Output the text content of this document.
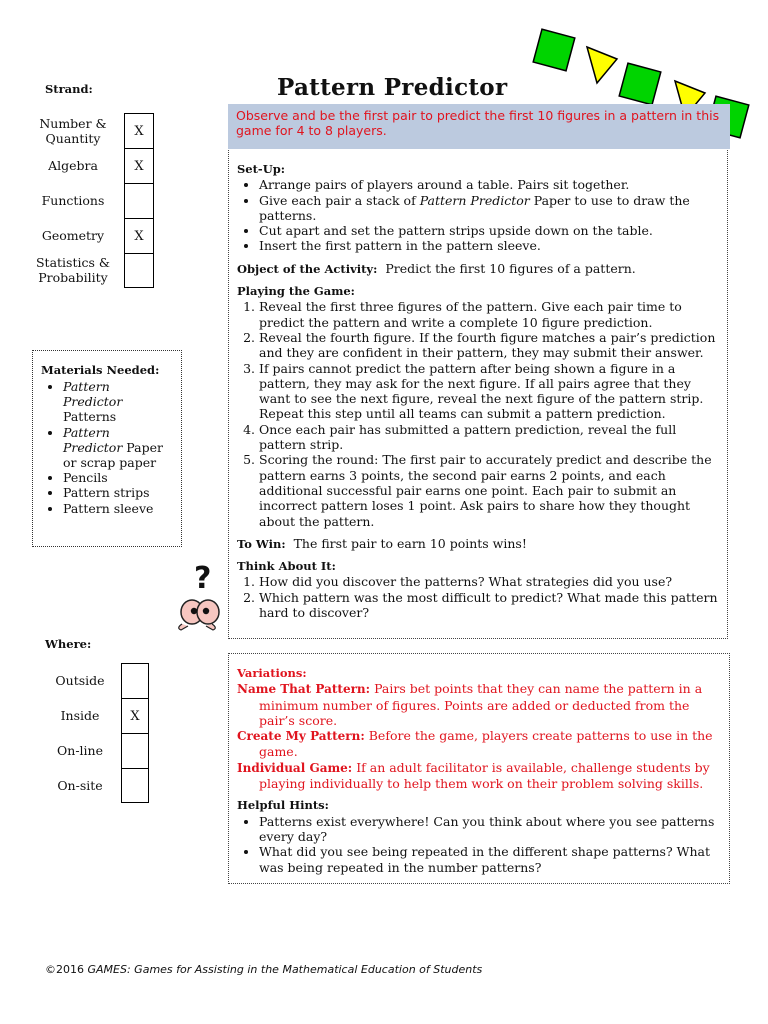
Pattern Predictor
Observe and be the first pair to predict the first 10 figures in a pattern in this game for 4 to 8 players.
Strand:
Number & Quantity
Algebra
Functions
Geometry
Statistics & Probability
X
X
X
Materials Needed:
• Pattern Predictor Patterns
• Pattern Predictor Paper or scrap paper
• Pencils
• Pattern strips
• Pattern sleeve
?
Set-Up:
• Arrange pairs of players around a table. Pairs sit together.
• Give each pair a stack of Pattern Predictor Paper to use to draw the patterns.
• Cut apart and set the pattern strips upside down on the table.
• Insert the first pattern in the pattern sleeve.
Object of the Activity: Predict the first 10 figures of a pattern.
Playing the Game:
1. Reveal the first three figures of the pattern. Give each pair time to predict the pattern and write a complete 10 figure prediction.
2. Reveal the fourth figure. If the fourth figure matches a pair’s prediction and they are confident in their pattern, they may submit their answer.
3. If pairs cannot predict the pattern after being shown a figure in a pattern, they may ask for the next figure. If all pairs agree that they want to see the next figure, reveal the next figure of the pattern strip. Repeat this step until all teams can submit a pattern prediction.
4. Once each pair has submitted a pattern prediction, reveal the full pattern strip.
5. Scoring the round: The first pair to accurately predict and describe the pattern earns 3 points, the second pair earns 2 points, and each additional successful pair earns one point. Each pair to submit an incorrect pattern loses 1 point. Ask pairs to share how they thought about the pattern.
To Win: The first pair to earn 10 points wins!
Think About It:
1. How did you discover the patterns? What strategies did you use?
2. Which pattern was the most difficult to predict? What made this pattern hard to discover?
Where:
Outside
Inside
On-line
On-site
X
Variations:
Name That Pattern: Pairs bet points that they can name the pattern in a minimum number of figures. Points are added or deducted from the pair’s score.
Create My Pattern: Before the game, players create patterns to use in the game.
Individual Game: If an adult facilitator is available, challenge students by playing individually to help them work on their problem solving skills.
Helpful Hints:
• Patterns exist everywhere! Can you think about where you see patterns every day?
• What did you see being repeated in the different shape patterns? What was being repeated in the number patterns?
©2016 GAMES: Games for Assisting in the Mathematical Education of Students
